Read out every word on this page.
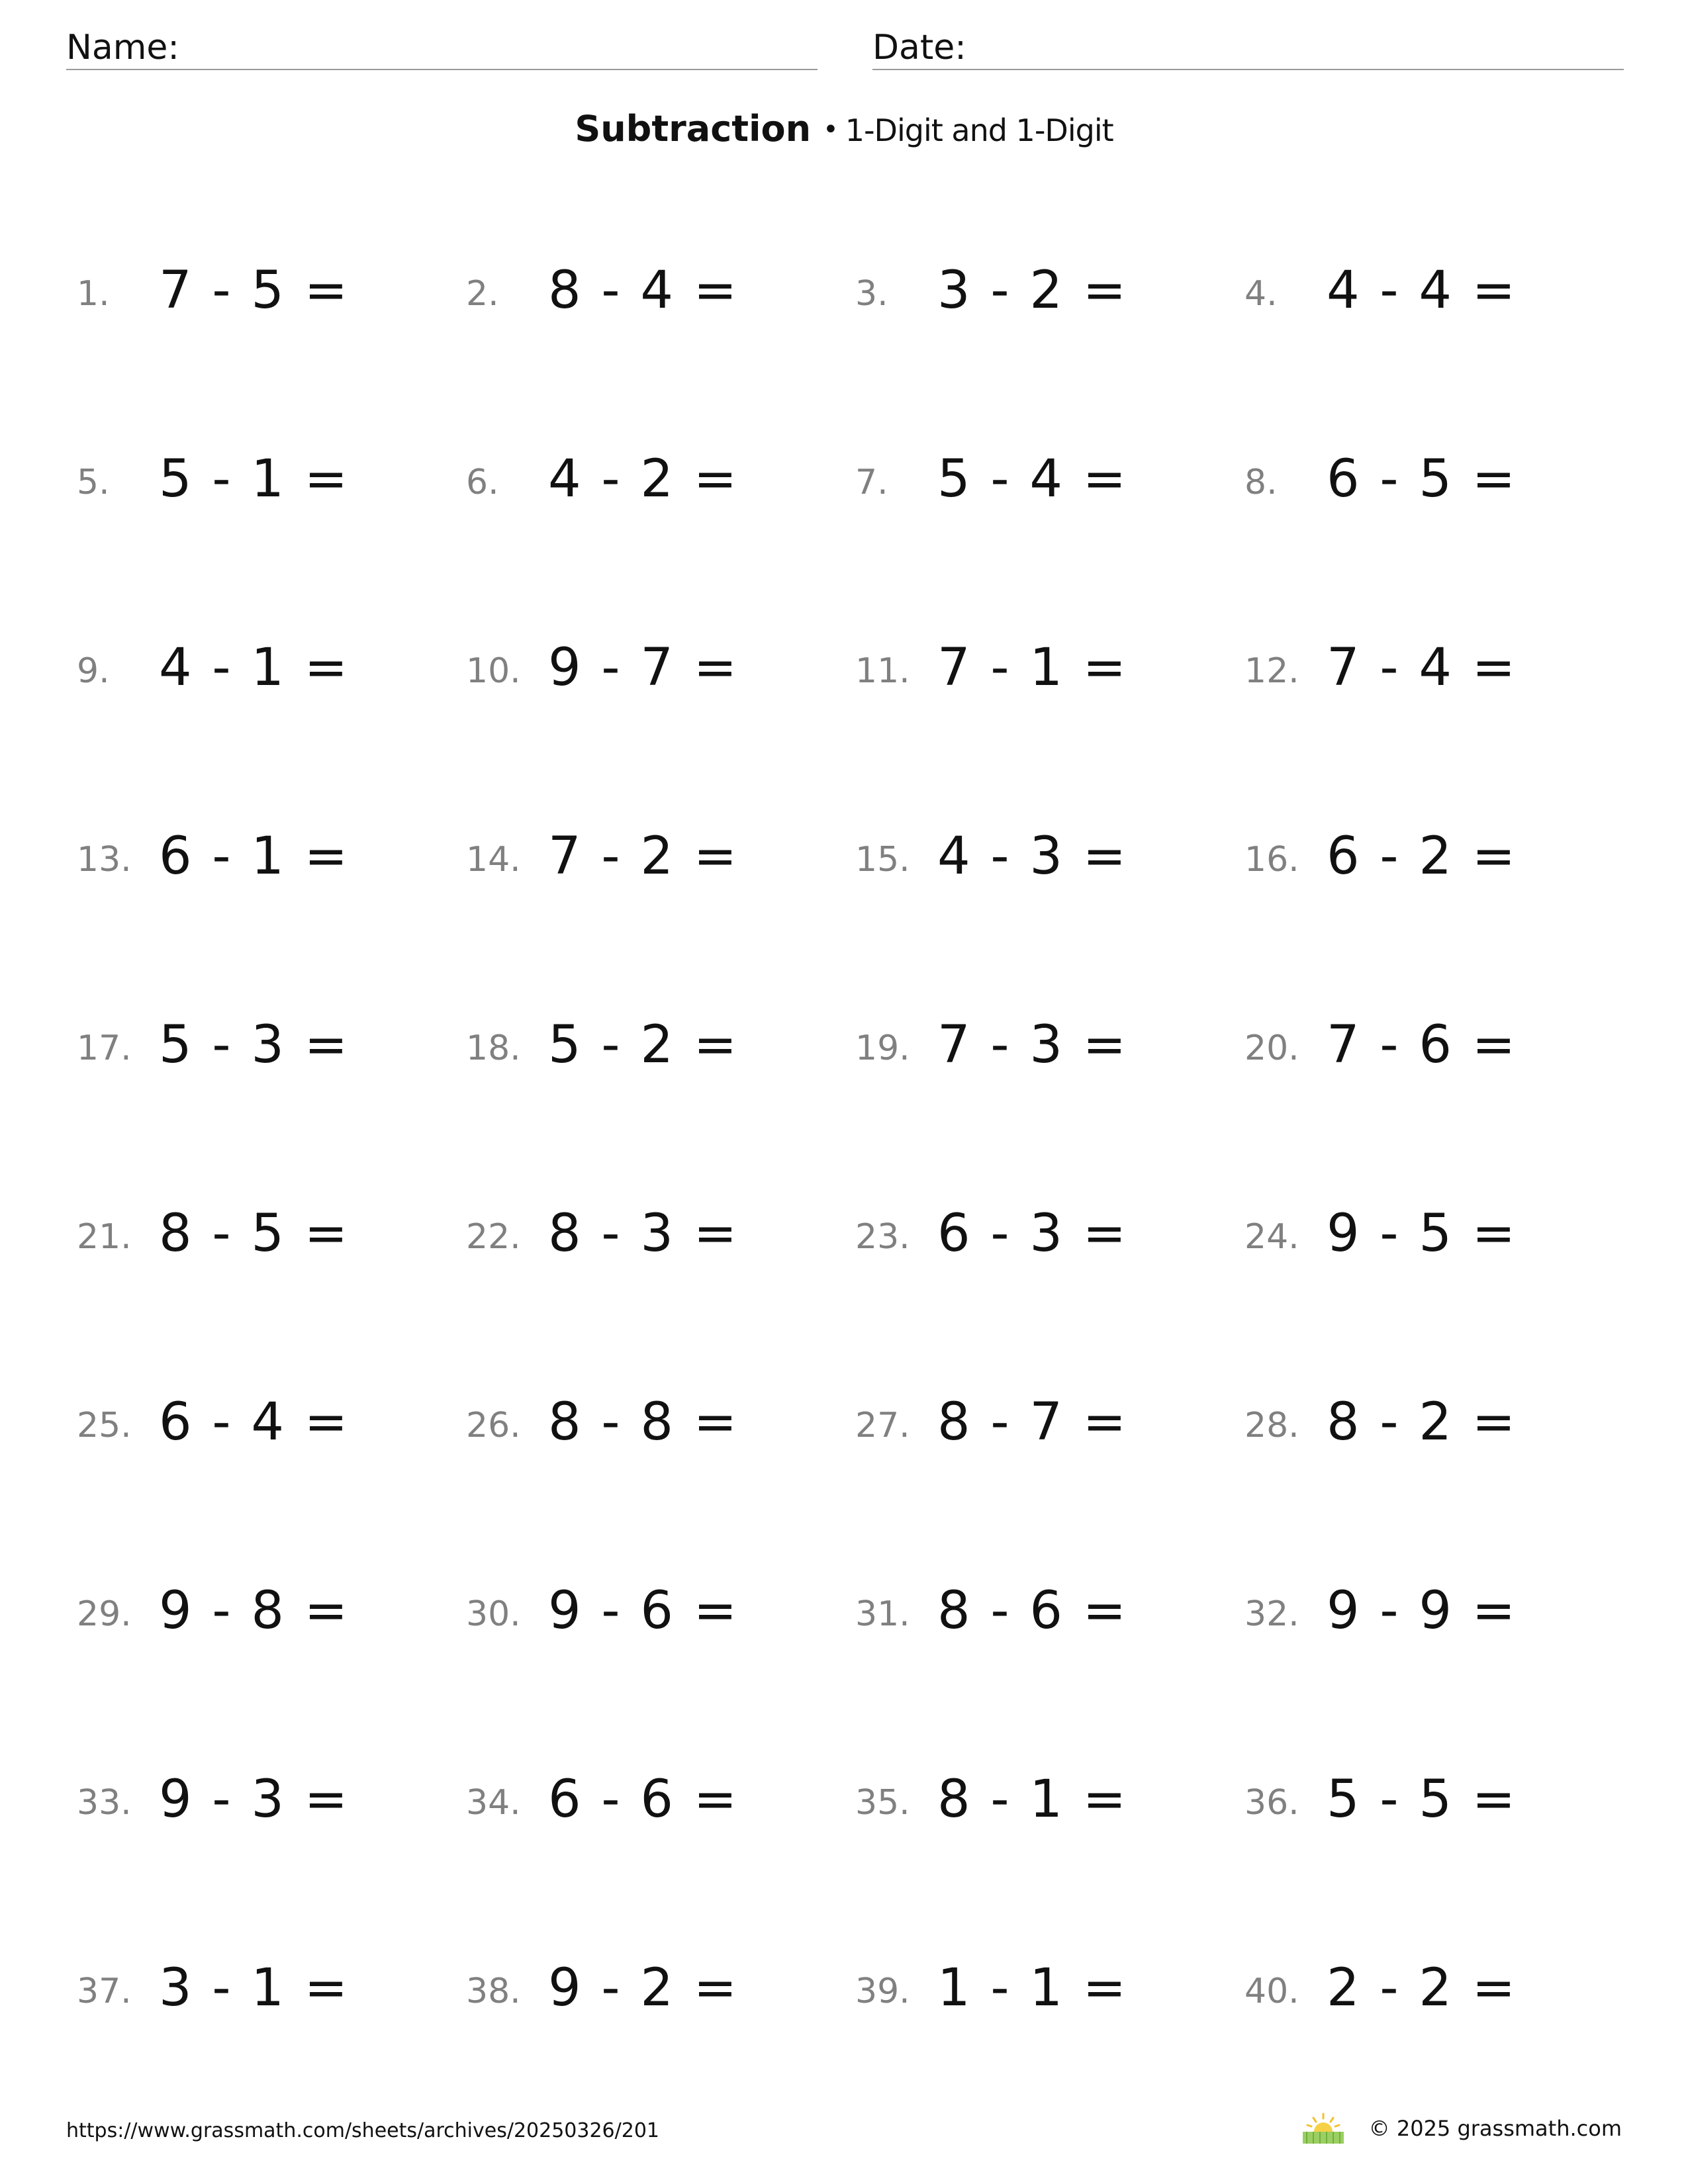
Name:	Date:
Subtraction • 1-Digit and 1-Digit
1. 7 - 5 =	2. 8 - 4 =	3. 3 - 2 =	4. 4 - 4 =
5. 5 - 1 =	6. 4 - 2 =	7. 5 - 4 =	8. 6 - 5 =
9. 4 - 1 =	10. 9 - 7 =	11. 7 - 1 =	12. 7 - 4 =
13. 6 - 1 =	14. 7 - 2 =	15. 4 - 3 =	16. 6 - 2 =
17. 5 - 3 =	18. 5 - 2 =	19. 7 - 3 =	20. 7 - 6 =
21. 8 - 5 =	22. 8 - 3 =	23. 6 - 3 =	24. 9 - 5 =
25. 6 - 4 =	26. 8 - 8 =	27. 8 - 7 =	28. 8 - 2 =
29. 9 - 8 =	30. 9 - 6 =	31. 8 - 6 =	32. 9 - 9 =
33. 9 - 3 =	34. 6 - 6 =	35. 8 - 1 =	36. 5 - 5 =
37. 3 - 1 =	38. 9 - 2 =	39. 1 - 1 =	40. 2 - 2 =
https://www.grassmath.com/sheets/archives/20250326/201	© 2025 grassmath.com
